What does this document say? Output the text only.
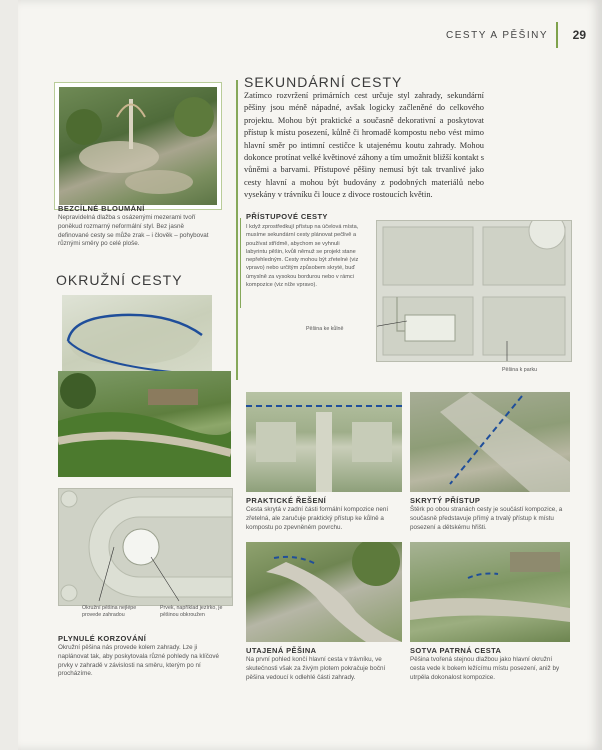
CESTY A PĚŠINY 29
BEZCÍLNÉ BLOUMÁNÍ
Nepravidelná dlažba s osázenými mezerami tvoří poněkud rozmarný neformální styl. Bez jasně definované cesty se může zrak – i člověk – pohybovat různými směry po celé ploše.
OKRUŽNÍ CESTY
Okružní pěšina nejlépe provede zahradou
Prvek, například jezírko, je pěšinou obkroužen
PLYNULÉ KORZOVÁNÍ
Okružní pěšina nás provede kolem zahrady. Lze ji naplánovat tak, aby poskytovala různé pohledy na klíčové prvky v zahradě v závislosti na směru, kterým po ní procházíme.
SEKUNDÁRNÍ CESTY
Zatímco rozvržení primárních cest určuje styl zahrady, sekundární pěšiny jsou méně nápadné, avšak logicky začleněné do celkového projektu. Mohou být praktické a současně dekorativní a poskytovat přístup k místu posezení, kůlně či hromadě kompostu nebo vést mimo hlavní směr po intimní cestičce k utajenému koutu zahrady. Mohou dokonce protínat velké květinové záhony a tím umožnit bližší kontakt s vůněmi a barvami. Přístupové pěšiny nemusí být tak trvanlivé jako cesty hlavní a mohou být budovány z podobných materiálů nebo vysekány v trávníku či louce z divoce rostoucích květin.
PŘÍSTUPOVÉ CESTY
I když zprostředkují přístup na účelová místa, musíme sekundární cesty plánovat pečlivě a používat střídmě, abychom se vyhnuli labyrintu pěšin, kvůli němuž se projekt stane nepřehledným. Cesty mohou být zřetelné (viz vpravo) nebo určitým způsobem skryté, buď úmyslně za vysokou bordurou nebo v rámci kompozice (viz níže vpravo).
Pěšina ke kůlně
Pěšina k parku
PRAKTICKÉ ŘEŠENÍ
Cesta skrytá v zadní části formální kompozice není zřetelná, ale zaručuje praktický přístup ke kůlně a kompostu po zpevněném povrchu.
SKRYTÝ PŘÍSTUP
Štěrk po obou stranách cesty je součástí kompozice, a současně představuje přímý a trvalý přístup k místu posezení a dětskému hřišti.
UTAJENÁ PĚŠINA
Na první pohled končí hlavní cesta v trávníku, ve skutečnosti však za živým plotem pokračuje boční pěšina vedoucí k odlehlé části zahrady.
SOTVA PATRNÁ CESTA
Pěšina tvořená stejnou dlažbou jako hlavní okružní cesta vede k bokem ležícímu místu posezení, aniž by utrpěla dokonalost kompozice.
